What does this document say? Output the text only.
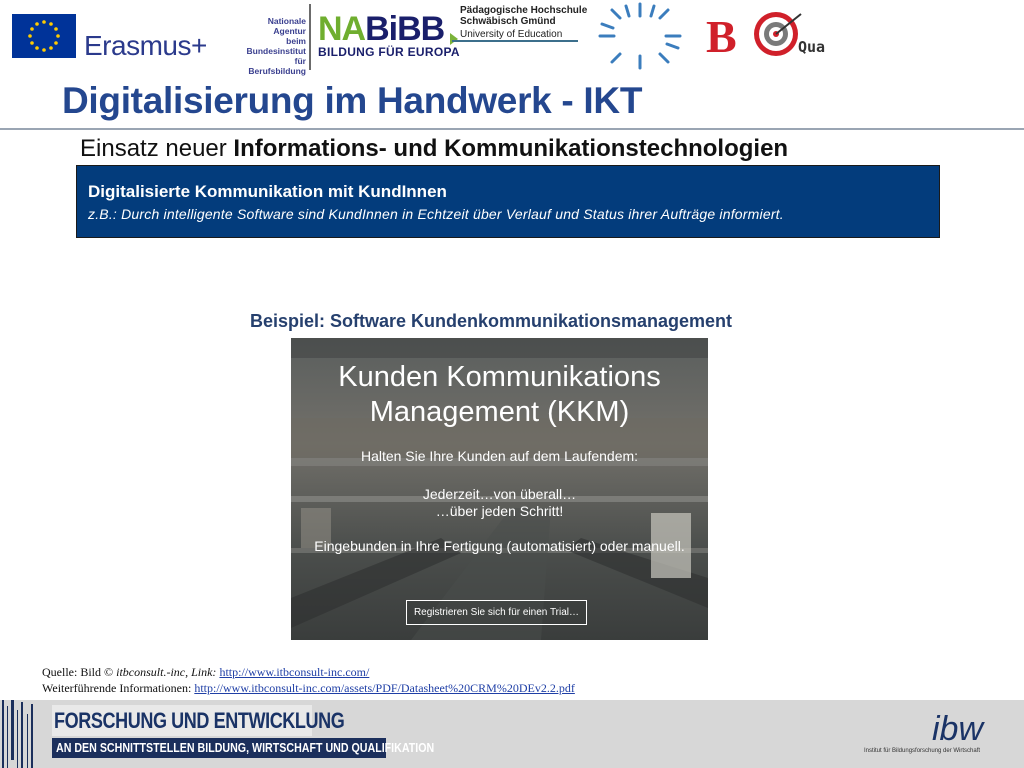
Erasmus+
Nationale Agentur
beim Bundesinstitut
für Berufsbildung
NABiBB
BILDUNG FÜR EUROPA
Pädagogische Hochschule
Schwäbisch Gmünd
University of Education	B	Qua
Digitalisierung im Handwerk - IKT
Einsatz neuer Informations- und Kommunikationstechnologien
Digitalisierte Kommunikation mit KundInnen
z.B.: Durch intelligente Software sind KundInnen in Echtzeit über Verlauf und Status ihrer Aufträge informiert.
Beispiel: Software Kundenkommunikationsmanagement
Kunden Kommunikations
Management (KKM)
Halten Sie Ihre Kunden auf dem Laufendem:
Jederzeit…von überall…
…über jeden Schritt!
Eingebunden in Ihre Fertigung (automatisiert) oder manuell.
Registrieren Sie sich für einen Trial…
Quelle: Bild © itbconsult.-inc, Link: http://www.itbconsult-inc.com/
Weiterführende Informationen: http://www.itbconsult-inc.com/assets/PDF/Datasheet%20CRM%20DEv2.2.pdf
FORSCHUNG UND ENTWICKLUNG
AN DEN SCHNITTSTELLEN BILDUNG, WIRTSCHAFT UND QUALIFIKATION	ibw
Institut für Bildungsforschung der Wirtschaft
